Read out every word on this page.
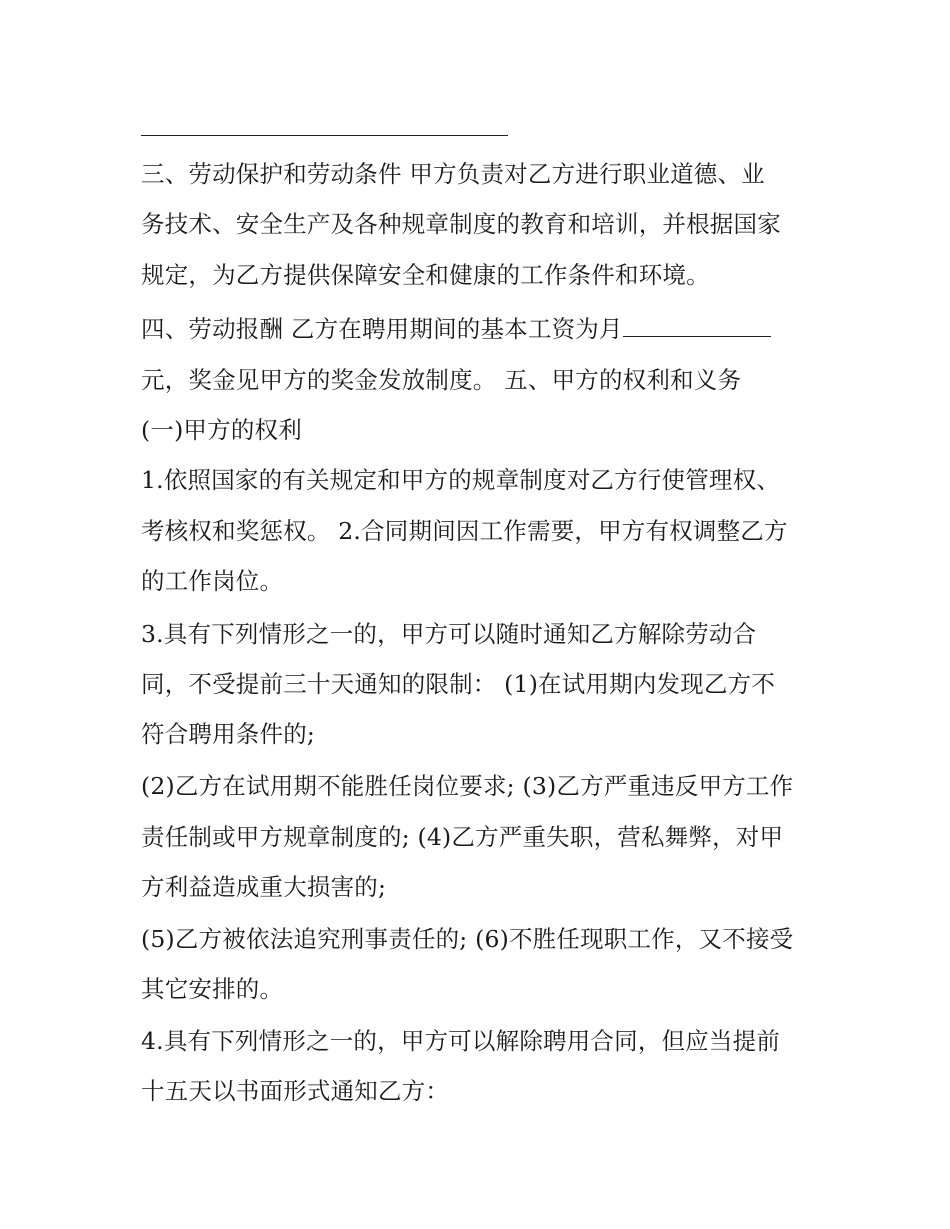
三、劳动保护和劳动条件 甲方负责对乙方进行职业道德、业
务技术、安全生产及各种规章制度的教育和培训，并根据国家
规定，为乙方提供保障安全和健康的工作条件和环境。
四、劳动报酬 乙方在聘用期间的基本工资为月
元，奖金见甲方的奖金发放制度。 五、甲方的权利和义务
(一)甲方的权利
1.依照国家的有关规定和甲方的规章制度对乙方行使管理权、
考核权和奖惩权。 2.合同期间因工作需要，甲方有权调整乙方
的工作岗位。
3.具有下列情形之一的，甲方可以随时通知乙方解除劳动合
同，不受提前三十天通知的限制： (1)在试用期内发现乙方不
符合聘用条件的;
(2)乙方在试用期不能胜任岗位要求; (3)乙方严重违反甲方工作
责任制或甲方规章制度的; (4)乙方严重失职，营私舞弊，对甲
方利益造成重大损害的;
(5)乙方被依法追究刑事责任的; (6)不胜任现职工作，又不接受
其它安排的。
4.具有下列情形之一的，甲方可以解除聘用合同，但应当提前
十五天以书面形式通知乙方：
